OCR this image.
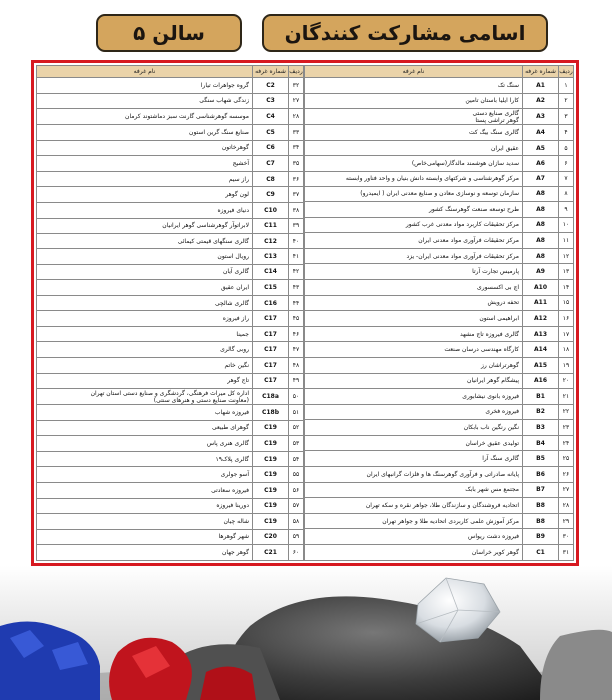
اسامی مشارکت کنندگان
سالن ۵
ردیف	شماره غرفه	نام غرفه
۱	A1	سنگ تک
۲	A2	کارا ایلیا باستان تامین
۳	A3	گالری صنایع دستی
گوهر تراشی پستا
۴	A4	گالری سنگ بیگ کت
۵	A5	عقیق ایران
۶	A6	سدید سازان هوشمند مالدگار(سهامی‌خاص)
۷	A7	مرکز گوهرشناسی و شرکتهای وابسته دانش بنیان و واحد فناور وابسته
۸	A8	سازمان توسعه و نوسازی معادن و صنایع معدنی ایران ( ایمیدرو)
۹	A8	طرح توسعه صنعت گوهرسنگ کشور
۱۰	A8	مرکز تحقیقات کاربرد مواد معدنی غرب کشور
۱۱	A8	مرکز تحقیقات فرآوری مواد معدنی ایران
۱۲	A8	مرکز تحقیقات فرآوری مواد معدنی ایران- یزد
۱۳	A9	پارمیس تجارت آرتا
۱۴	A10	اچ بی اکسسوری
۱۵	A11	تحفه درویش
۱۶	A12	ابراهیمی استون
۱۷	A13	گالری فیروزه تاج مشهد
۱۸	A14	کارگاه مهندسی درسان صنعت
۱۹	A15	گوهرتراشان رز
۲۰	A16	پیشگام گوهر ایرانیان
۲۱	B1	فیروزه بانوی نیشابوری
۲۲	B2	فیروزه فخری
۲۳	B3	نگین رنگین ناب بابکان
۲۴	B4	تولیدی عقیق خراسان
۲۵	B5	گالری سنگ آرا
۲۶	B6	پایانه صادراتی و فرآوری گوهرسنگ ها و فلزات گرانبهای ایران
۲۷	B7	مجتمع مس شهر بابک
۲۸	B8	اتحادیه فروشندگان و سازندگان طلا، جواهر نقره و سکه تهران
۲۹	B8	مرکز آموزش علمی کاربردی اتحادیه طلا و جواهر تهران
۳۰	B9	فیروزه دشت ریواس
۳۱	C1	گوهر کویر خراسان
ردیف	شماره غرفه	نام غرفه
۳۲	C2	گروه جواهرات تیارا
۲۷	C3	زندگی شهاب سنگی
۲۸	C4	موسسه گوهرشناسی گارنت سبز دماشتوند کرمان
۳۳	C5	صنایع سنگ گرین استون
۳۴	C6	گوهرخاتون
۳۵	C7	آخشیج
۳۶	C8	راز سیم
۳۷	C9	لون گوهر
۳۸	C10	دنیای فیروزه
۳۹	C11	لابراتوآر گوهرشناسی گوهر ایرانیان
۴۰	C12	گالری سنگهای قیمتی کیمائی
۴۱	C13	رویال استون
۴۲	C14	گالری آیان
۴۳	C15	ایران عقیق
۴۴	C16	گالری شالچی
۴۵	C17	راز فیروزه
۴۶	C17	جمینا
۴۷	C17	روبی گالری
۴۸	C17	نگین خاتم
۴۹	C17	تاج گوهر
۵۰	C18a	اداره کل میراث فرهنگی، گردشگری و صنایع دستی استان تهران
(معاونت صنایع دستی و هنرهای سنتی)
۵۱	C18b	فیروزه شهاب
۵۲	C19	گوهرای طبیعی
۵۳	C19	گالری هنری پاس
۵۴	C19	گالری پلاک۱۹
۵۵	C19	آسو جولری
۵۶	C19	فیروزه سعادتی
۵۷	C19	دورینا فیروزه
۵۸	C19	شاله چیان
۵۹	C20	شهر گوهرها
۶۰	C21	گوهر جهان
